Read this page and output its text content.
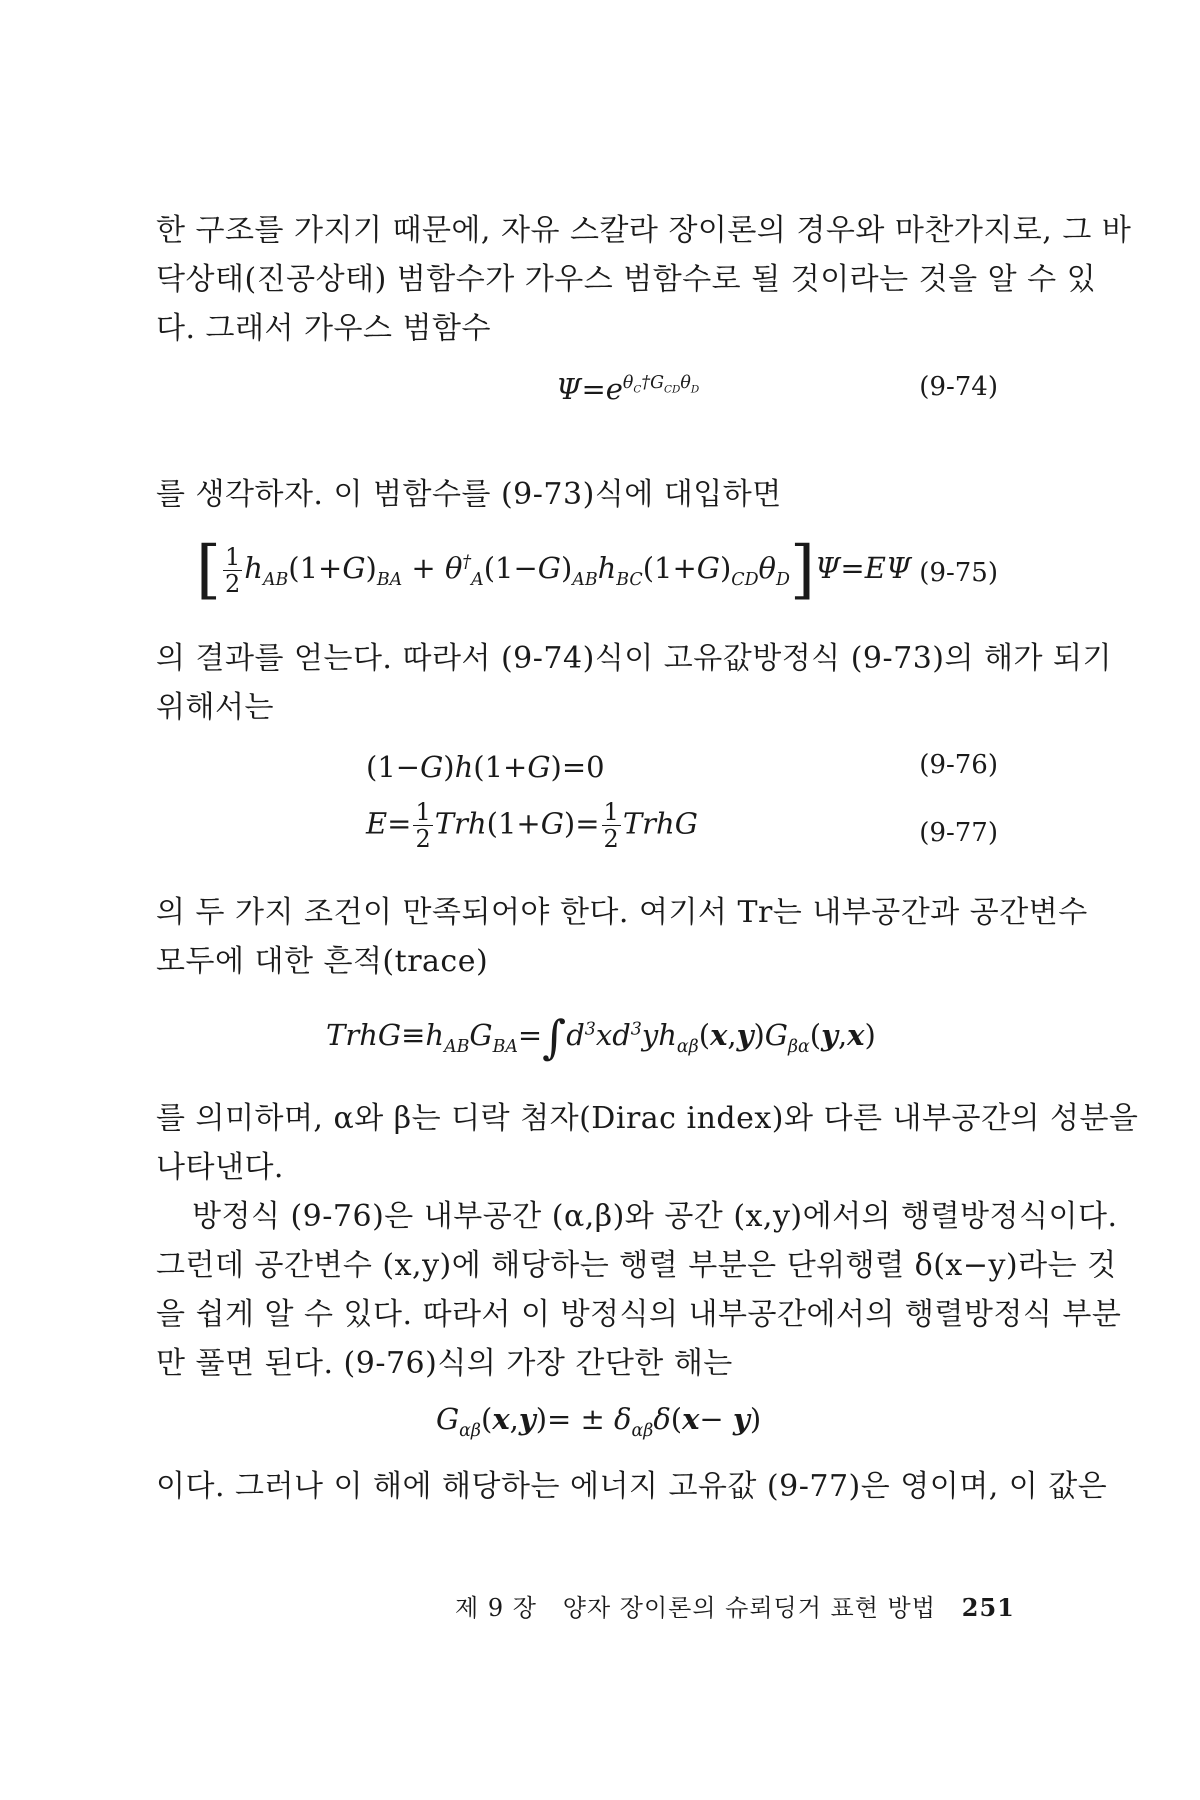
한 구조를 가지기 때문에, 자유 스칼라 장이론의 경우와 마찬가지로, 그 바
닥상태(진공상태) 범함수가 가우스 범함수로 될 것이라는 것을 알 수 있
다. 그래서 가우스 범함수
$\Psi=e^{\theta_C\dagger G_{CD}\theta_D}$	(9-74)
를 생각하자. 이 범함수를 (9-73)식에 대입하면
[ $\frac{1}{2} h_{AB}(1+G)_{BA} + \theta^\dagger_A(1-G)_{AB}h_{BC}(1+G)_{CD}\theta_D]\Psi=E\Psi$ (9-75)
의 결과를 얻는다. 따라서 (9-74)식이 고유값방정식 (9-73)의 해가 되기
위해서는
(1−G)h(1+G)=0	(9-76)
$E= \frac{1}{2} Trh(1+G)= \frac{1}{2}$ TrhG	(9-77)
의 두 가지 조건이 만족되어야 한다. 여기서 Tr는 내부공간과 공간변수
모두에 대한 흔적(trace)
$TrhG\equiv h_{AB}G_{BA}=\int d^3xd^3yh_{\alpha\beta}(x,y)G_{\beta\alpha}(y,x)$
를 의미하며, α와 β는 디락 첨자(Dirac index)와 다른 내부공간의 성분을
나타낸다.
방정식 (9-76)은 내부공간 (α,β)와 공간 (x,y)에서의 행렬방정식이다.
그런데 공간변수 (x,y)에 해당하는 행렬 부분은 단위행렬 δ(x−y)라는 것
을 쉽게 알 수 있다. 따라서 이 방정식의 내부공간에서의 행렬방정식 부분
만 풀면 된다. (9-76)식의 가장 간단한 해는
$G_{\alpha\beta}(x,y)= \pm \delta_{\alpha\beta}\delta(x- y)$
이다. 그러나 이 해에 해당하는 에너지 고유값 (9-77)은 영이며, 이 값은
제 9 장 양자 장이론의 슈뢰딩거 표현 방법 251
